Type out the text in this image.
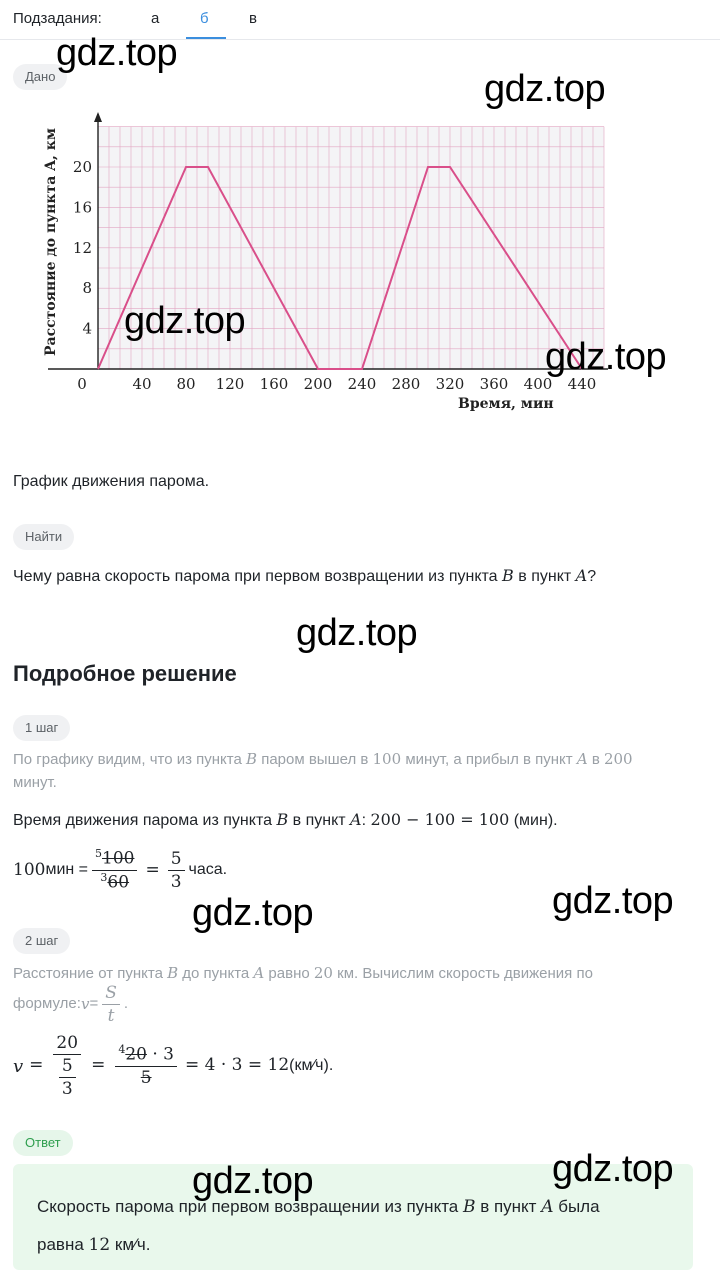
Подзадания:	а	б	в
gdz.top
gdz.top
gdz.top
gdz.top
gdz.top
gdz.top
gdz.top
gdz.top
gdz.top
Дано
0	40 80 120 160 200 240 280 320 360 400 440
4
8
12
16
20
Расстояние до пункта A, км
Время, мин
График движения парома.
Найти
Чему равна скорость парома при первом возвращении из пункта B в пункт A?
Подробное решение
1 шаг
По графику видим, что из пункта B паром вышел в 100 минут, а прибыл в пункт A в 200
минут.
Время движения парома из пункта B в пункт A: 200 − 100 = 100 (мин).
100 мин = $\frac{^5100}{^360} = \frac{5}{3}$ часа.
2 шаг
Расстояние от пункта B до пункта A равно 20 км. Вычислим скорость движения по
формуле: $v = \frac{S}{t}$ .
$v = \frac{20}{\frac{5}{3}} = \frac{^420 \cdot 3}{5} = 4 \cdot 3 = 12$ (км⁄ч).
Ответ
Скорость парома при первом возвращении из пункта B в пункт A была
равна 12 км⁄ч.
